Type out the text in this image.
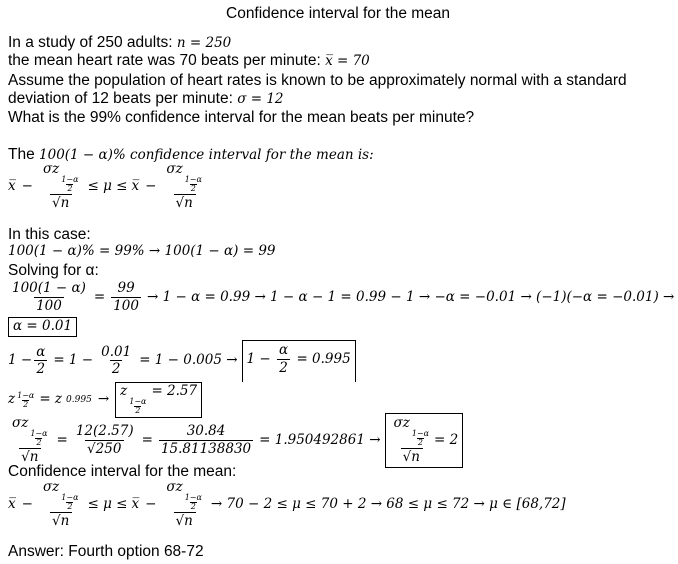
Confidence interval for the mean
In a study of 250 adults: n = 250
the mean heart rate was 70 beats per minute: x̅ = 70
Assume the population of heart rates is known to be approximately normal with a standard
deviation of 12 beats per minute: σ = 12
What is the 99% confidence interval for the mean beats per minute?
The 100(1 − α)% confidence interval for the mean is:
x̅ − σz
$\frac{1-\alpha}{2}$
√n ≤ μ ≤ x̅ − σz
$\frac{1-\alpha}{2}$
√n
In this case:
100(1 − α)% = 99% → 100(1 − α) = 99
Solving for α:
$\frac{100(1 - \alpha)}{100} = \frac{99}{100} \to 1 - \alpha = 0.99 \to 1 - \alpha - 1 = 0.99 - 1 \to -\alpha = -0.01 \to (-1)(-\alpha = -0.01)$ →
α = 0.01
$1 - \frac{\alpha}{2} = 1 - \frac{0.01}{2} = 1 - 0.005 \to 1 - \frac{\alpha}{2} = 0.995$
z $\frac{1-\alpha}{2} = z$ 0.995 →
z
$\frac{1-\alpha}{2}$
= 2.57
σz
$\frac{1-\alpha}{2}$
$√n = \frac{12(2.57)}{√250} = \frac{30.84}{15.81138830} = 1.950492861 \to \sigma z$
$\frac{1-\alpha}{2}$
√n = 2
Confidence interval for the mean:
x̅ − σz
$\frac{1-\alpha}{2}$
√n ≤ μ ≤ x̅ − σz
$\frac{1-\alpha}{2}$
√n → 70 − 2 ≤ μ ≤ 70 + 2 → 68 ≤ μ ≤ 72 → μ ∈ [68,72]
Answer: Fourth option 68-72
